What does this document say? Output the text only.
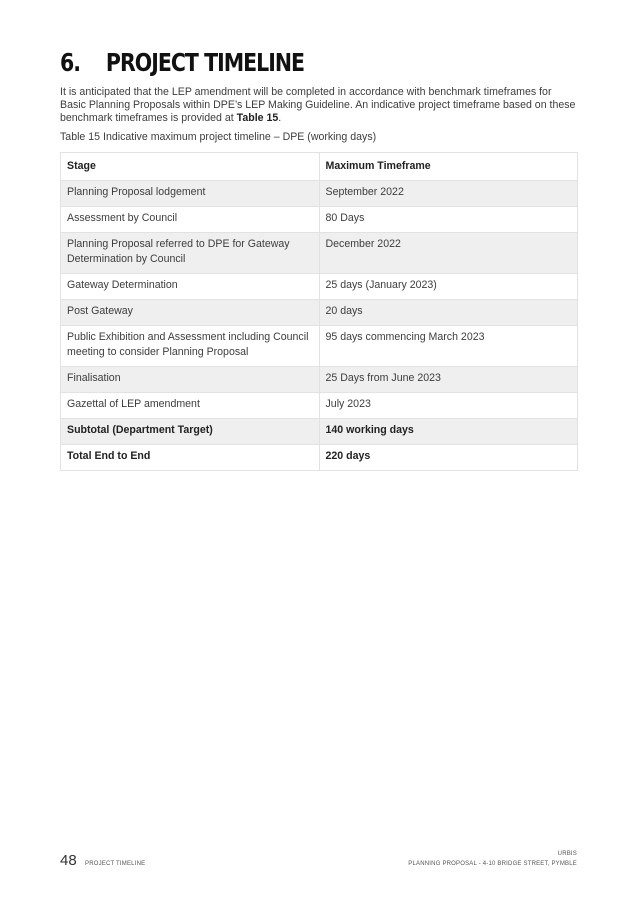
6. PROJECT TIMELINE

It is anticipated that the LEP amendment will be completed in accordance with benchmark timeframes for Basic Planning Proposals within DPE’s LEP Making Guideline. An indicative project timeframe based on these benchmark timeframes is provided at Table 15.

Table 15 Indicative maximum project timeline – DPE (working days)

Stage	Maximum Timeframe
Planning Proposal lodgement	September 2022
Assessment by Council	80 Days
Planning Proposal referred to DPE for Gateway Determination by Council	December 2022
Gateway Determination	25 days (January 2023)
Post Gateway	20 days
Public Exhibition and Assessment including Council meeting to consider Planning Proposal	95 days commencing March 2023
Finalisation	25 Days from June 2023
Gazettal of LEP amendment	July 2023
Subtotal (Department Target)	140 working days
Total End to End	220 days
48 PROJECT TIMELINE
URBIS
PLANNING PROPOSAL - 4-10 BRIDGE STREET, PYMBLE
